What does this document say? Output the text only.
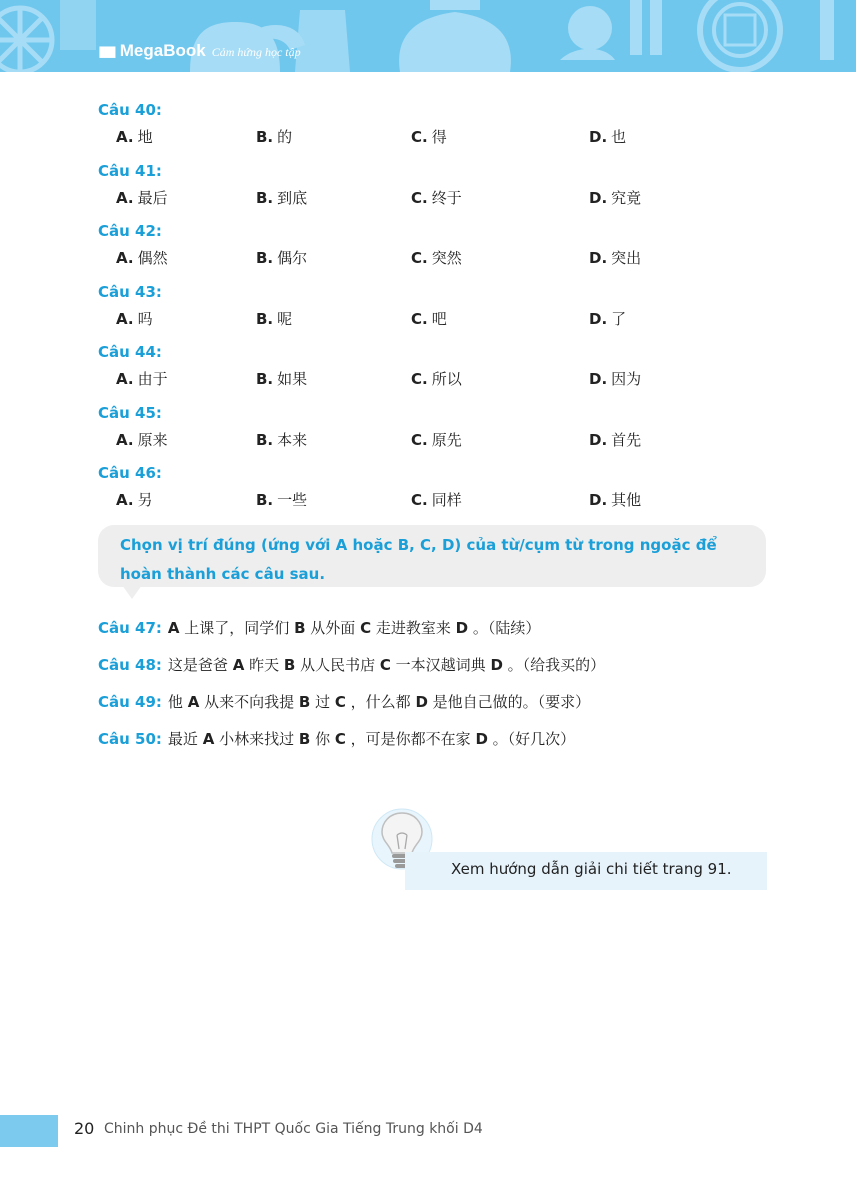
▮▮▮ MegaBook Cảm hứng học tập
Câu 40:
A. 地	B. 的	C. 得	D. 也
Câu 41:
A. 最后	B. 到底	C. 终于	D. 究竟
Câu 42:
A. 偶然	B. 偶尔	C. 突然	D. 突出
Câu 43:
A. 吗	B. 呢	C. 吧	D. 了
Câu 44:
A. 由于	B. 如果	C. 所以	D. 因为
Câu 45:
A. 原来	B. 本来	C. 原先	D. 首先
Câu 46:
A. 另	B. 一些	C. 同样	D. 其他
Chọn vị trí đúng (ứng với A hoặc B, C, D) của từ/cụm từ trong ngoặc để hoàn thành các câu sau.
Câu 47: A 上课了，同学们 B 从外面 C 走进教室来 D 。（陆续）
Câu 48: 这是爸爸 A 昨天 B 从人民书店 C 一本汉越词典 D 。（给我买的）
Câu 49: 他 A 从来不向我提 B 过 C ，什么都 D 是他自己做的。（要求）
Câu 50: 最近 A 小林来找过 B 你 C ，可是你都不在家 D 。（好几次）
Xem hướng dẫn giải chi tiết trang 91.
20 Chinh phục Đề thi THPT Quốc Gia Tiếng Trung khối D4
